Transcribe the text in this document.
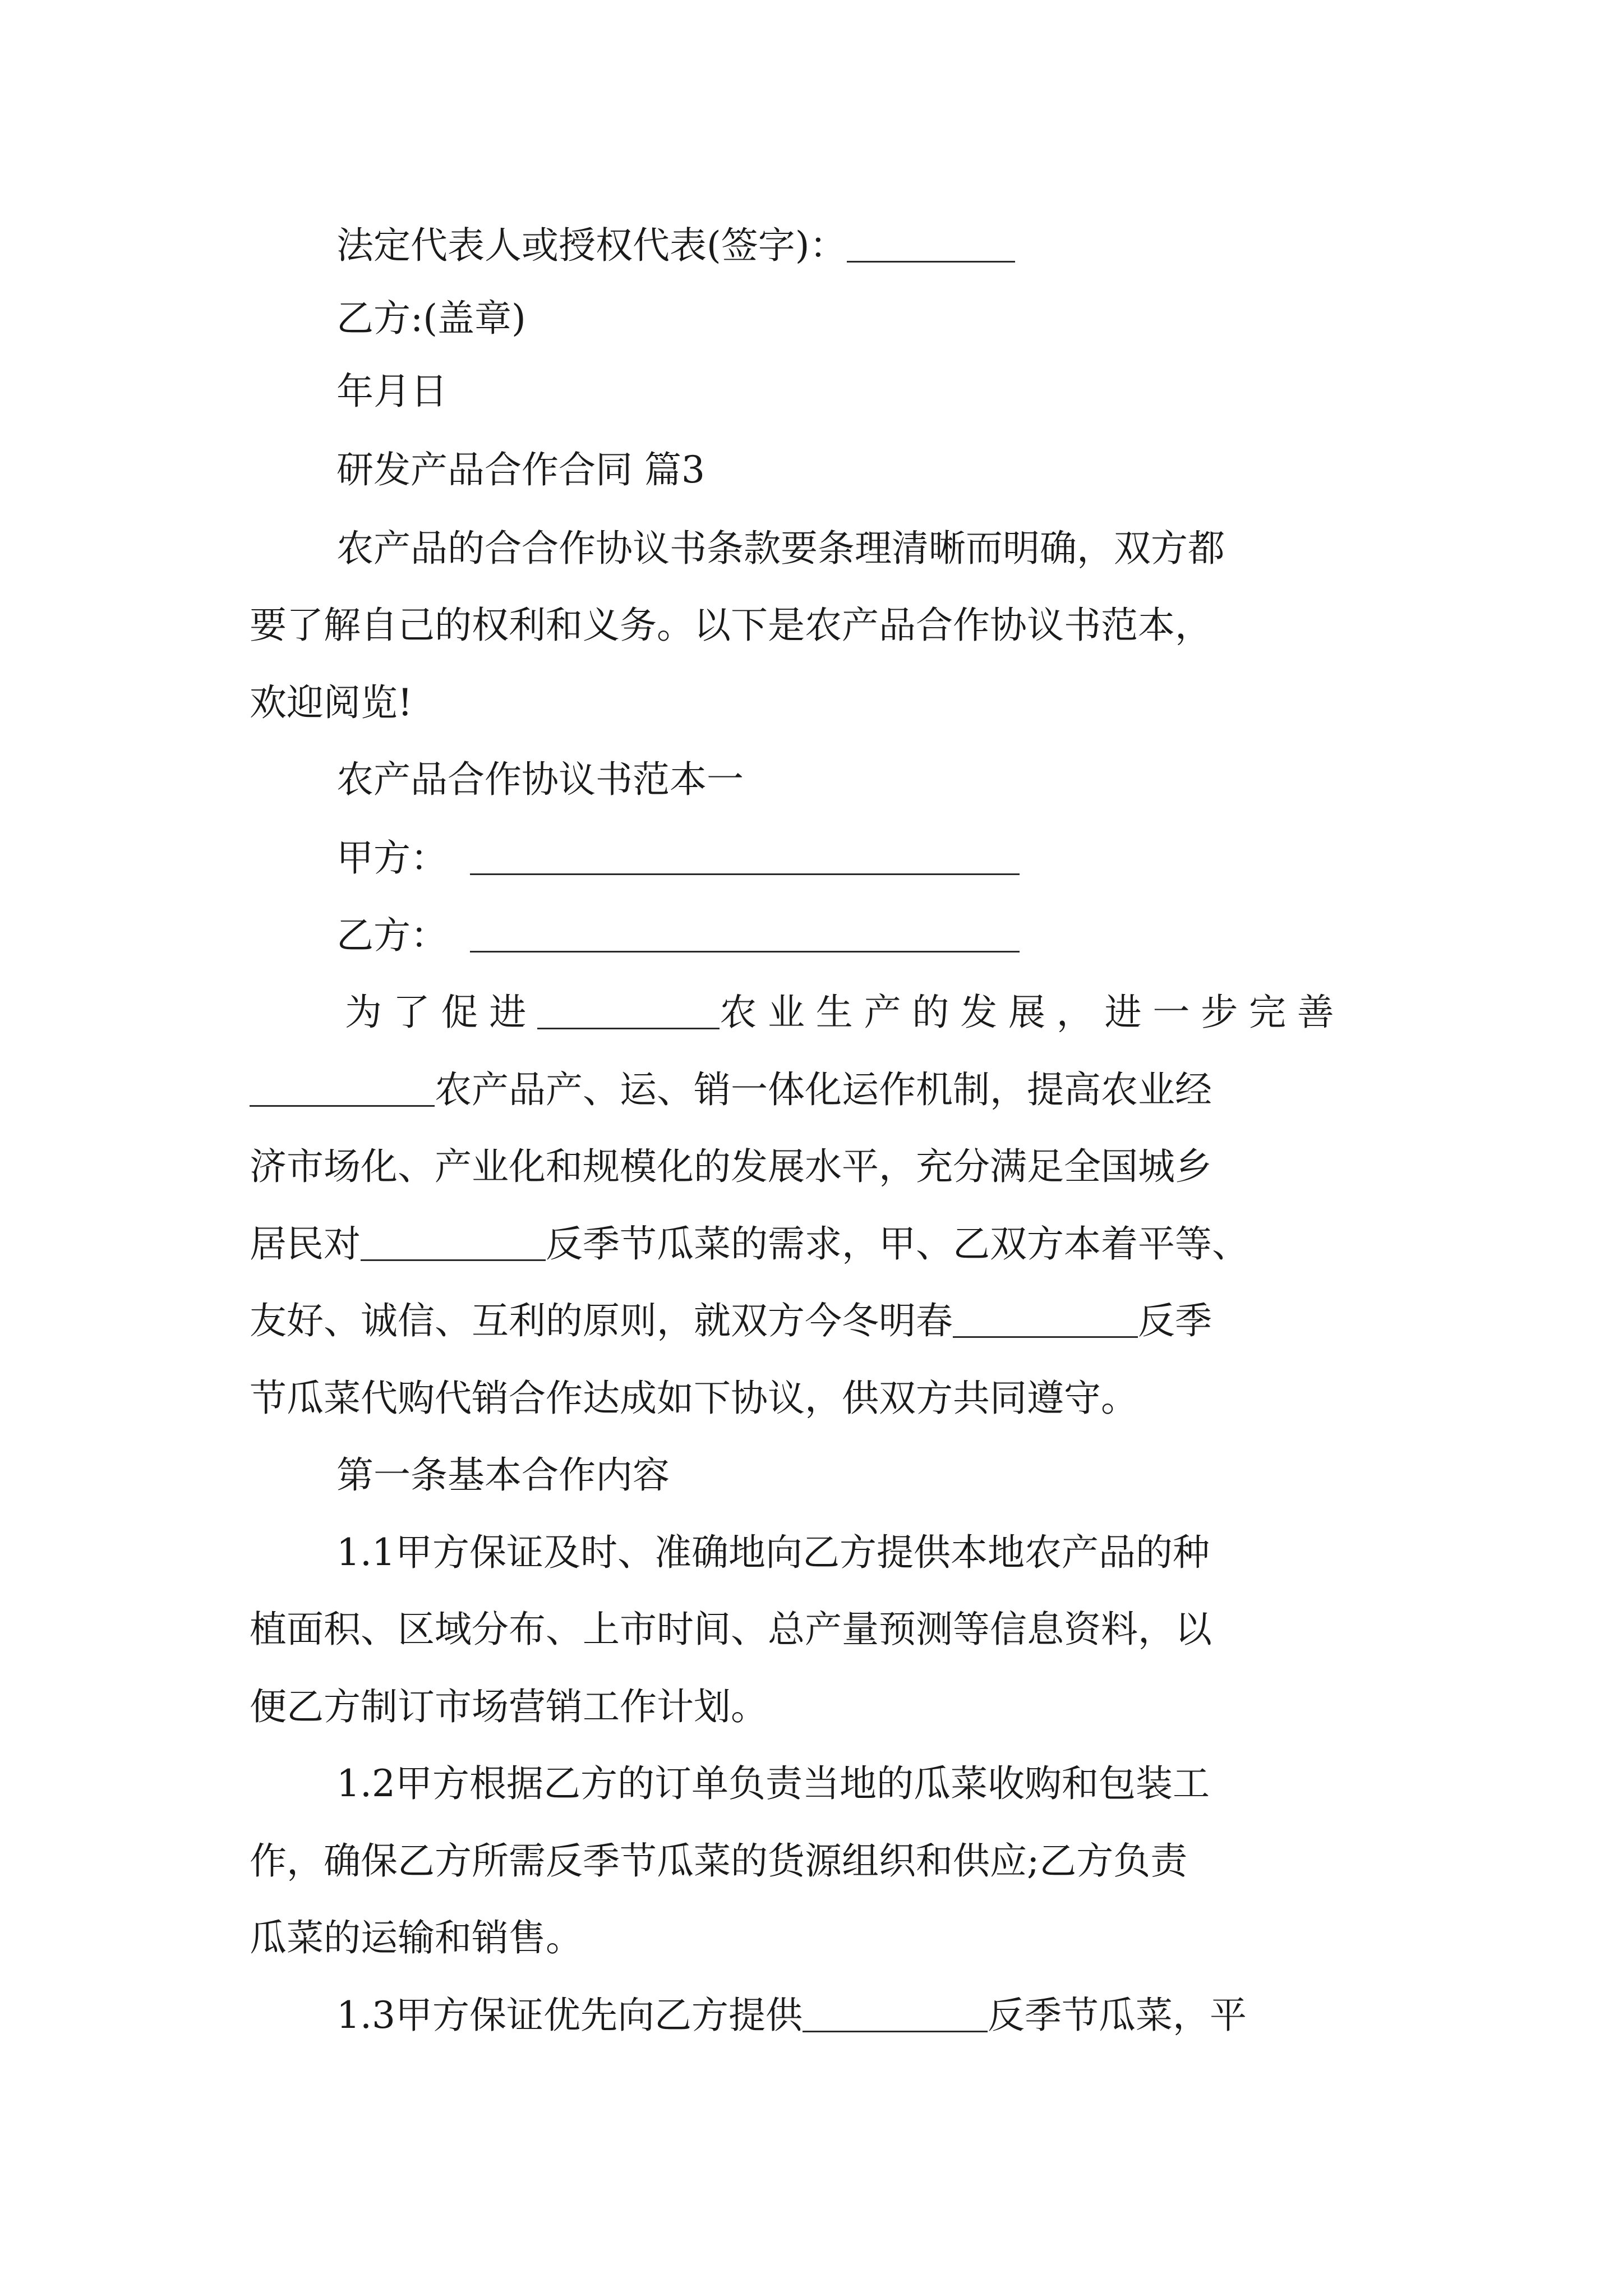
法定代表人或授权代表(签字)：
乙方:(盖章)
年月日
研发产品合作合同 篇3
农产品的合合作协议书条款要条理清晰而明确，双方都
要了解自己的权利和义务。以下是农产品合作协议书范本，
欢迎阅览!
农产品合作协议书范本一
甲方：
乙方：
为了促进	农业生产的发展，进一步完善
农产品产、运、销一体化运作机制，提高农业经
济市场化、产业化和规模化的发展水平，充分满足全国城乡
居民对	反季节瓜菜的需求，甲、乙双方本着平等、
友好、诚信、互利的原则，就双方今冬明春	反季
节瓜菜代购代销合作达成如下协议，供双方共同遵守。
第一条基本合作内容
1.1甲方保证及时、准确地向乙方提供本地农产品的种
植面积、区域分布、上市时间、总产量预测等信息资料，以
便乙方制订市场营销工作计划。
1.2甲方根据乙方的订单负责当地的瓜菜收购和包装工
作，确保乙方所需反季节瓜菜的货源组织和供应;乙方负责
瓜菜的运输和销售。
1.3甲方保证优先向乙方提供	反季节瓜菜，平
